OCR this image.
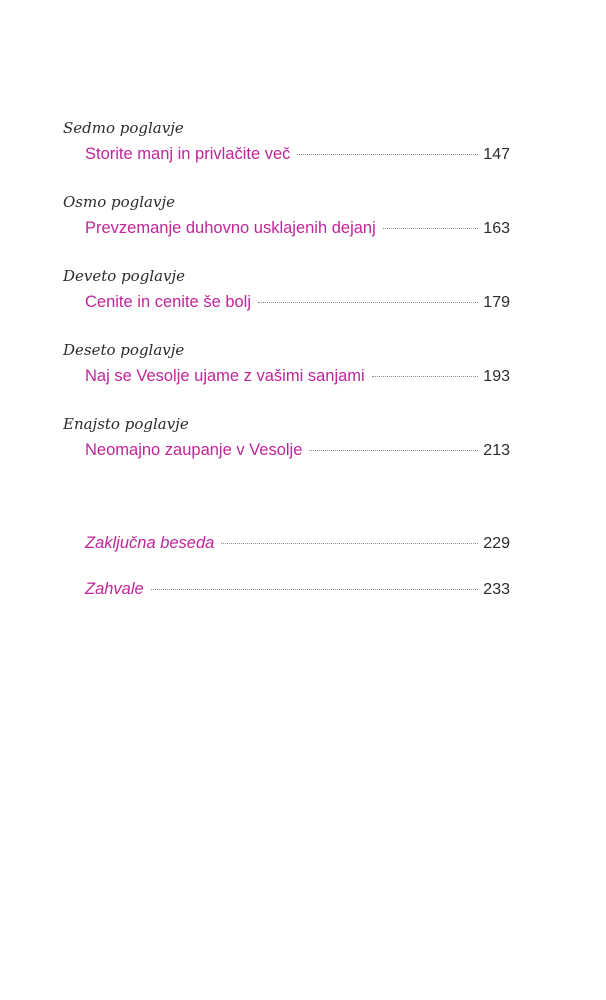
Sedmo poglavje
Storite manj in privlačite več	147
Osmo poglavje
Prevzemanje duhovno usklajenih dejanj	163
Deveto poglavje
Cenite in cenite še bolj	179
Deseto poglavje
Naj se Vesolje ujame z vašimi sanjami	193
Enajsto poglavje
Neomajno zaupanje v Vesolje	213
Zaključna beseda	229
Zahvale	233
